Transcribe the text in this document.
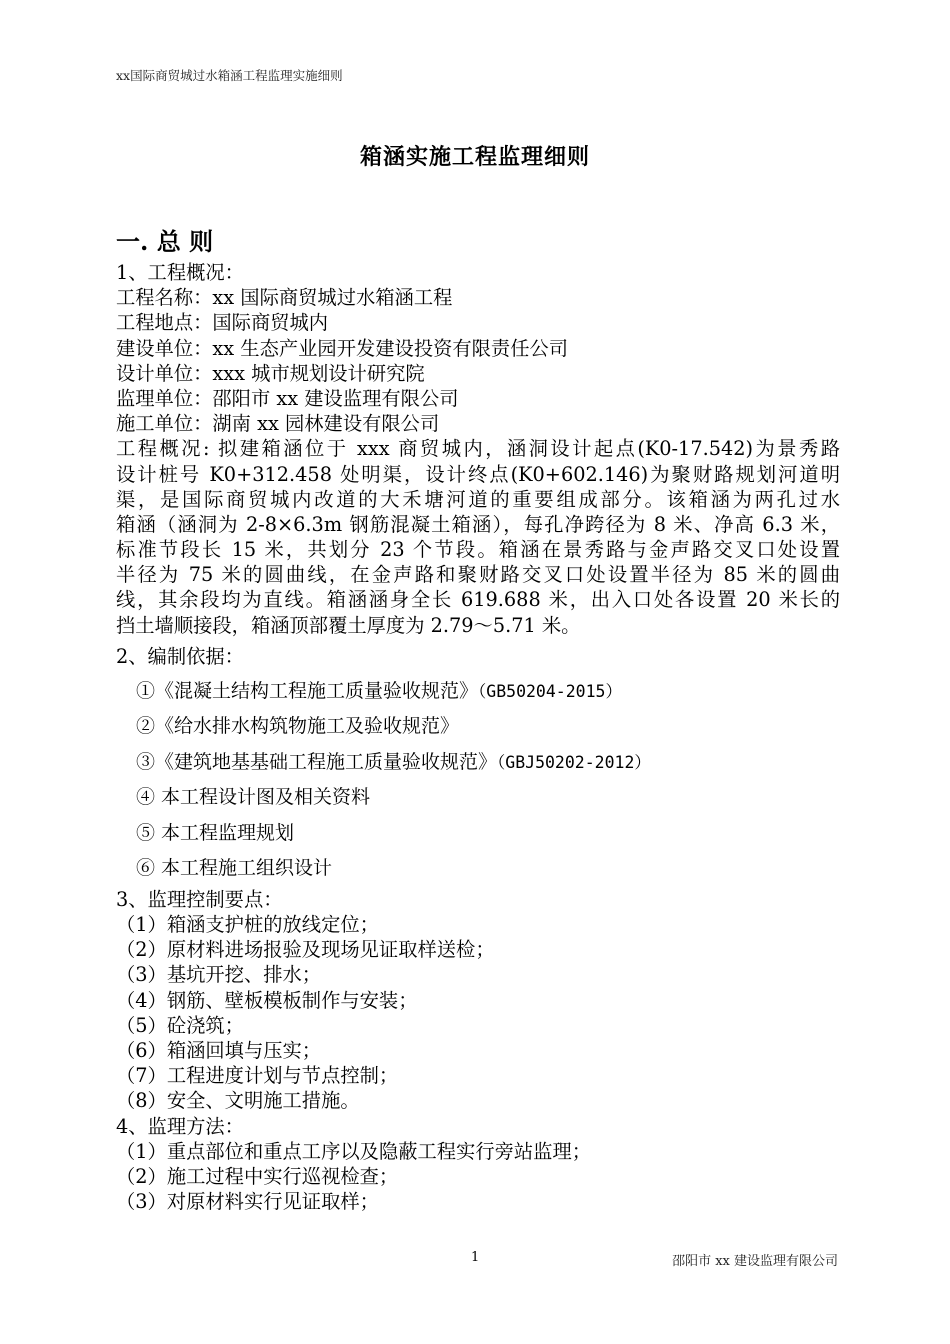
xx国际商贸城过水箱涵工程监理实施细则
箱涵实施工程监理细则
一. 总 则
1、工程概况：
工程名称：xx 国际商贸城过水箱涵工程
工程地点：国际商贸城内
建设单位：xx 生态产业园开发建设投资有限责任公司
设计单位：xxx 城市规划设计研究院
监理单位：邵阳市 xx 建设监理有限公司
施工单位：湖南 xx 园林建设有限公司
工程概况: 拟建箱涵位于 xxx 商贸城内，涵洞设计起点(K0-17.542)为景秀路
设计桩号 K0+312.458 处明渠，设计终点(K0+602.146)为聚财路规划河道明
渠，是国际商贸城内改道的大禾塘河道的重要组成部分。该箱涵为两孔过水
箱涵（涵洞为 2-8×6.3m 钢筋混凝土箱涵），每孔净跨径为 8 米、净高 6.3 米，
标准节段长 15 米，共划分 23 个节段。箱涵在景秀路与金声路交叉口处设置
半径为 75 米的圆曲线，在金声路和聚财路交叉口处设置半径为 85 米的圆曲
线，其余段均为直线。箱涵涵身全长 619.688 米，出入口处各设置 20 米长的
挡土墙顺接段，箱涵顶部覆土厚度为 2.79～5.71 米。
2、编制依据：
①《混凝土结构工程施工质量验收规范》（GB50204-2015）
②《给水排水构筑物施工及验收规范》
③《建筑地基基础工程施工质量验收规范》（GBJ50202-2012）
④ 本工程设计图及相关资料
⑤ 本工程监理规划
⑥ 本工程施工组织设计
3、监理控制要点：
（1）箱涵支护桩的放线定位；
（2）原材料进场报验及现场见证取样送检；
（3）基坑开挖、排水；
（4）钢筋、壁板模板制作与安装；
（5）砼浇筑；
（6）箱涵回填与压实；
（7）工程进度计划与节点控制；
（8）安全、文明施工措施。
4、监理方法：
（1）重点部位和重点工序以及隐蔽工程实行旁站监理；
（2）施工过程中实行巡视检查；
（3）对原材料实行见证取样；
1	邵阳市 xx 建设监理有限公司
